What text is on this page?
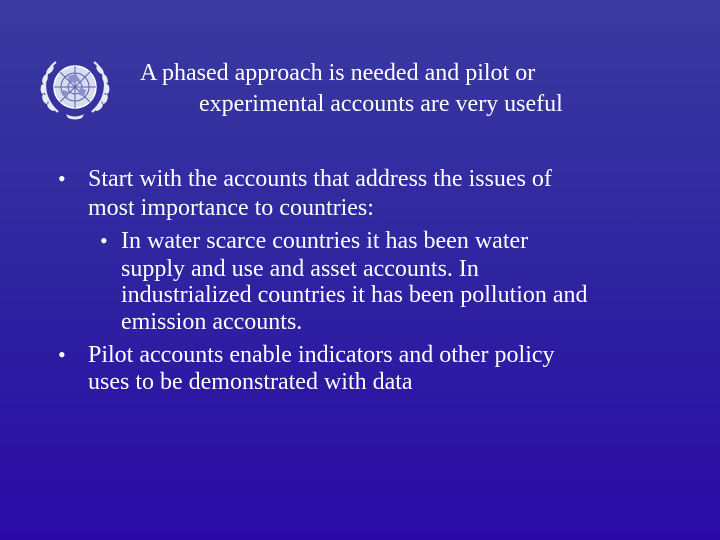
A phased approach is needed and pilot or
experimental accounts are very useful
• Start with the accounts that address the issues of
most importance to countries:
• In water scarce countries it has been water
supply and use and asset accounts. In
industrialized countries it has been pollution and
emission accounts.
• Pilot accounts enable indicators and other policy
uses to be demonstrated with data
